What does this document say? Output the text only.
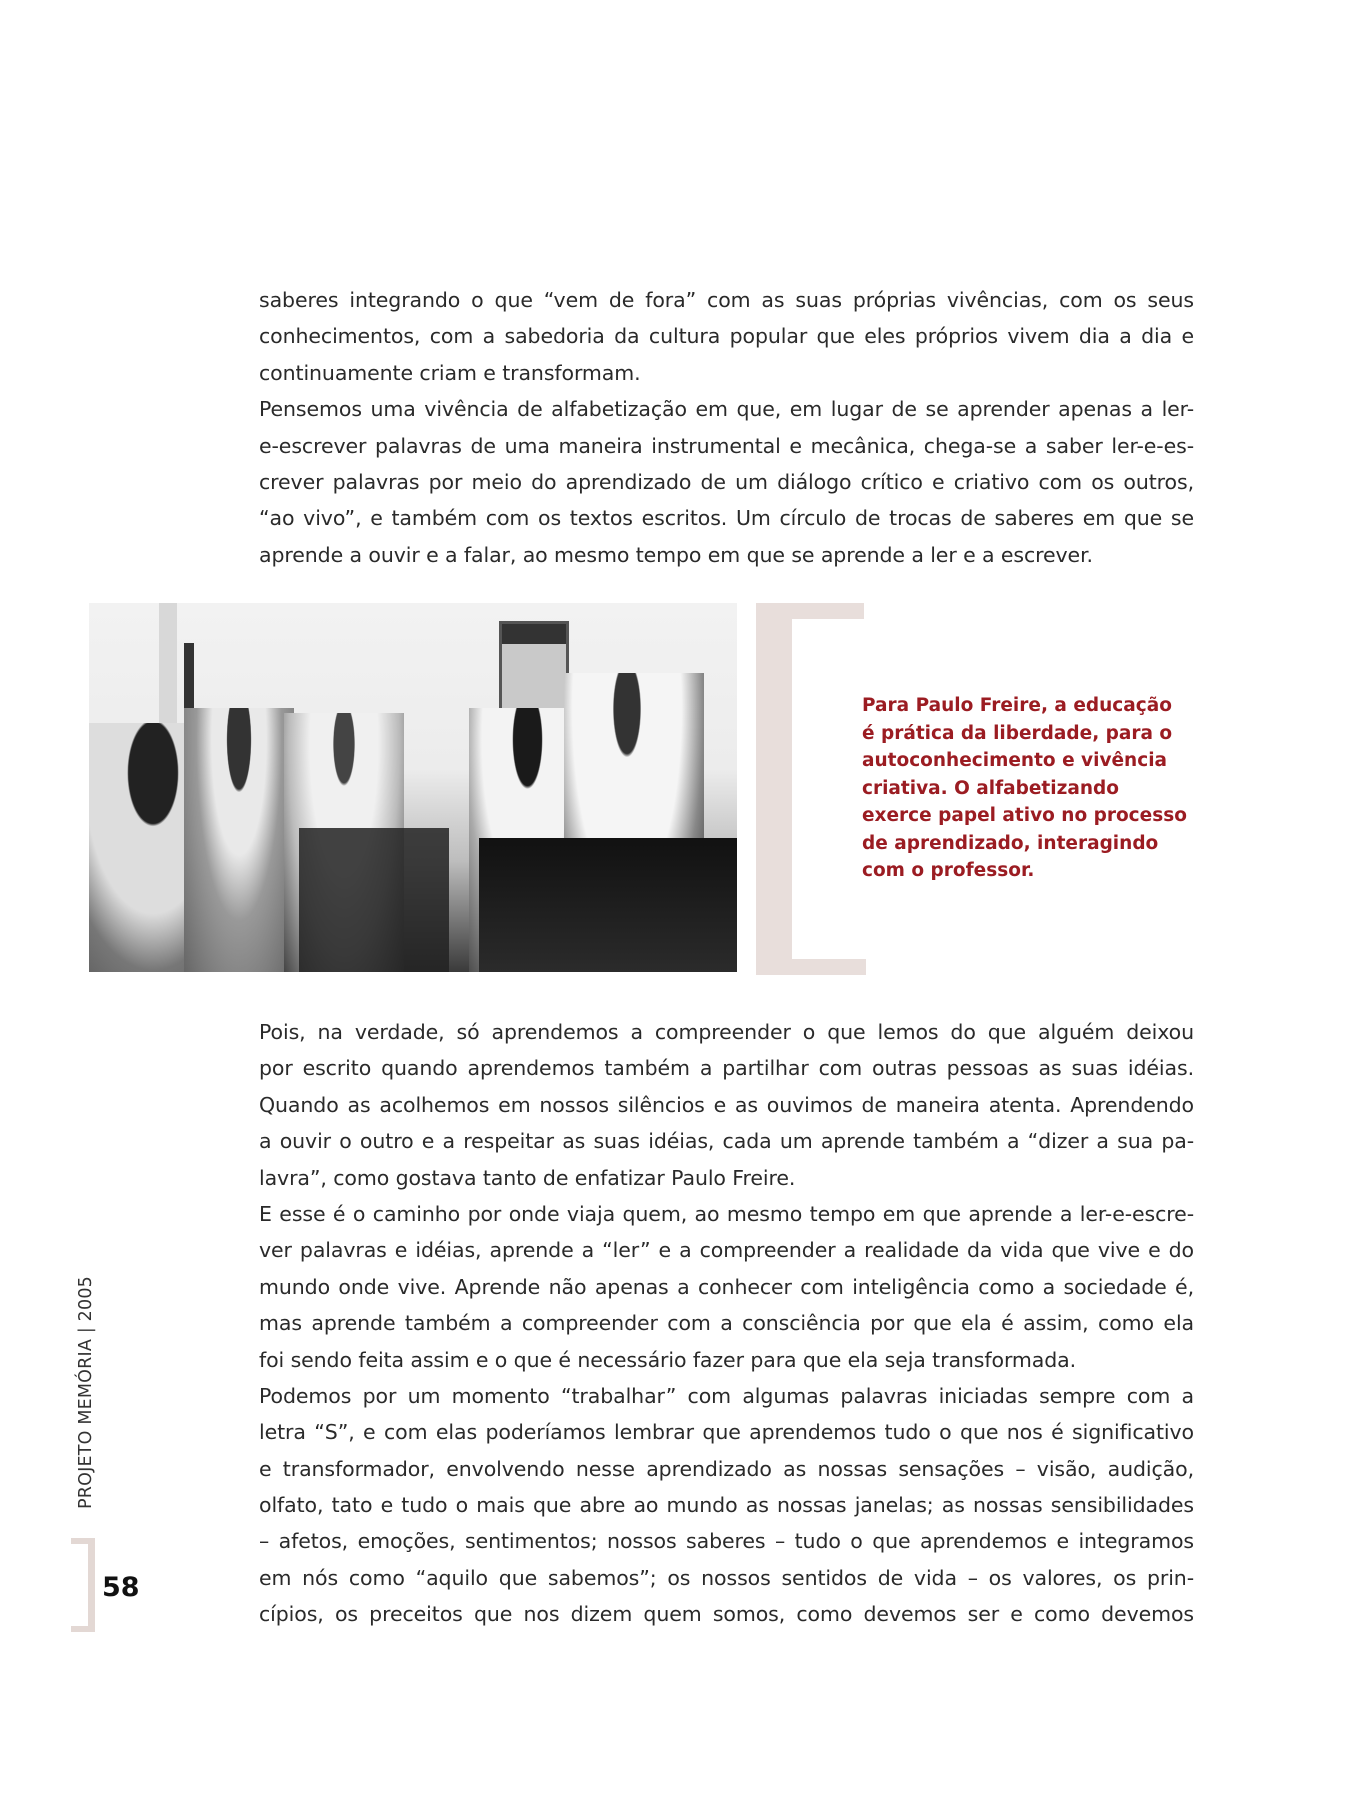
saberes integrando o que “vem de fora” com as suas próprias vivências, com os seus
conhecimentos, com a sabedoria da cultura popular que eles próprios vivem dia a dia e
continuamente criam e transformam.
Pensemos uma vivência de alfabetização em que, em lugar de se aprender apenas a ler-
e-escrever palavras de uma maneira instrumental e mecânica, chega-se a saber ler-e-es-
crever palavras por meio do aprendizado de um diálogo crítico e criativo com os outros,
“ao vivo”, e também com os textos escritos. Um círculo de trocas de saberes em que se
aprende a ouvir e a falar, ao mesmo tempo em que se aprende a ler e a escrever.
Para Paulo Freire, a educação
é prática da liberdade, para o
autoconhecimento e vivência
criativa. O alfabetizando
exerce papel ativo no processo
de aprendizado, interagindo
com o professor.
Pois, na verdade, só aprendemos a compreender o que lemos do que alguém deixou
por escrito quando aprendemos também a partilhar com outras pessoas as suas idéias.
Quando as acolhemos em nossos silêncios e as ouvimos de maneira atenta. Aprendendo
a ouvir o outro e a respeitar as suas idéias, cada um aprende também a “dizer a sua pa-
lavra”, como gostava tanto de enfatizar Paulo Freire.
E esse é o caminho por onde viaja quem, ao mesmo tempo em que aprende a ler-e-escre-
ver palavras e idéias, aprende a “ler” e a compreender a realidade da vida que vive e do
mundo onde vive. Aprende não apenas a conhecer com inteligência como a sociedade é,
mas aprende também a compreender com a consciência por que ela é assim, como ela
foi sendo feita assim e o que é necessário fazer para que ela seja transformada.
Podemos por um momento “trabalhar” com algumas palavras iniciadas sempre com a
letra “S”, e com elas poderíamos lembrar que aprendemos tudo o que nos é significativo
e transformador, envolvendo nesse aprendizado as nossas sensações – visão, audição,
olfato, tato e tudo o mais que abre ao mundo as nossas janelas; as nossas sensibilidades
– afetos, emoções, sentimentos; nossos saberes – tudo o que aprendemos e integramos
em nós como “aquilo que sabemos”; os nossos sentidos de vida – os valores, os prin-
cípios, os preceitos que nos dizem quem somos, como devemos ser e como devemos
PROJETO MEMÓRIA | 2005
58
